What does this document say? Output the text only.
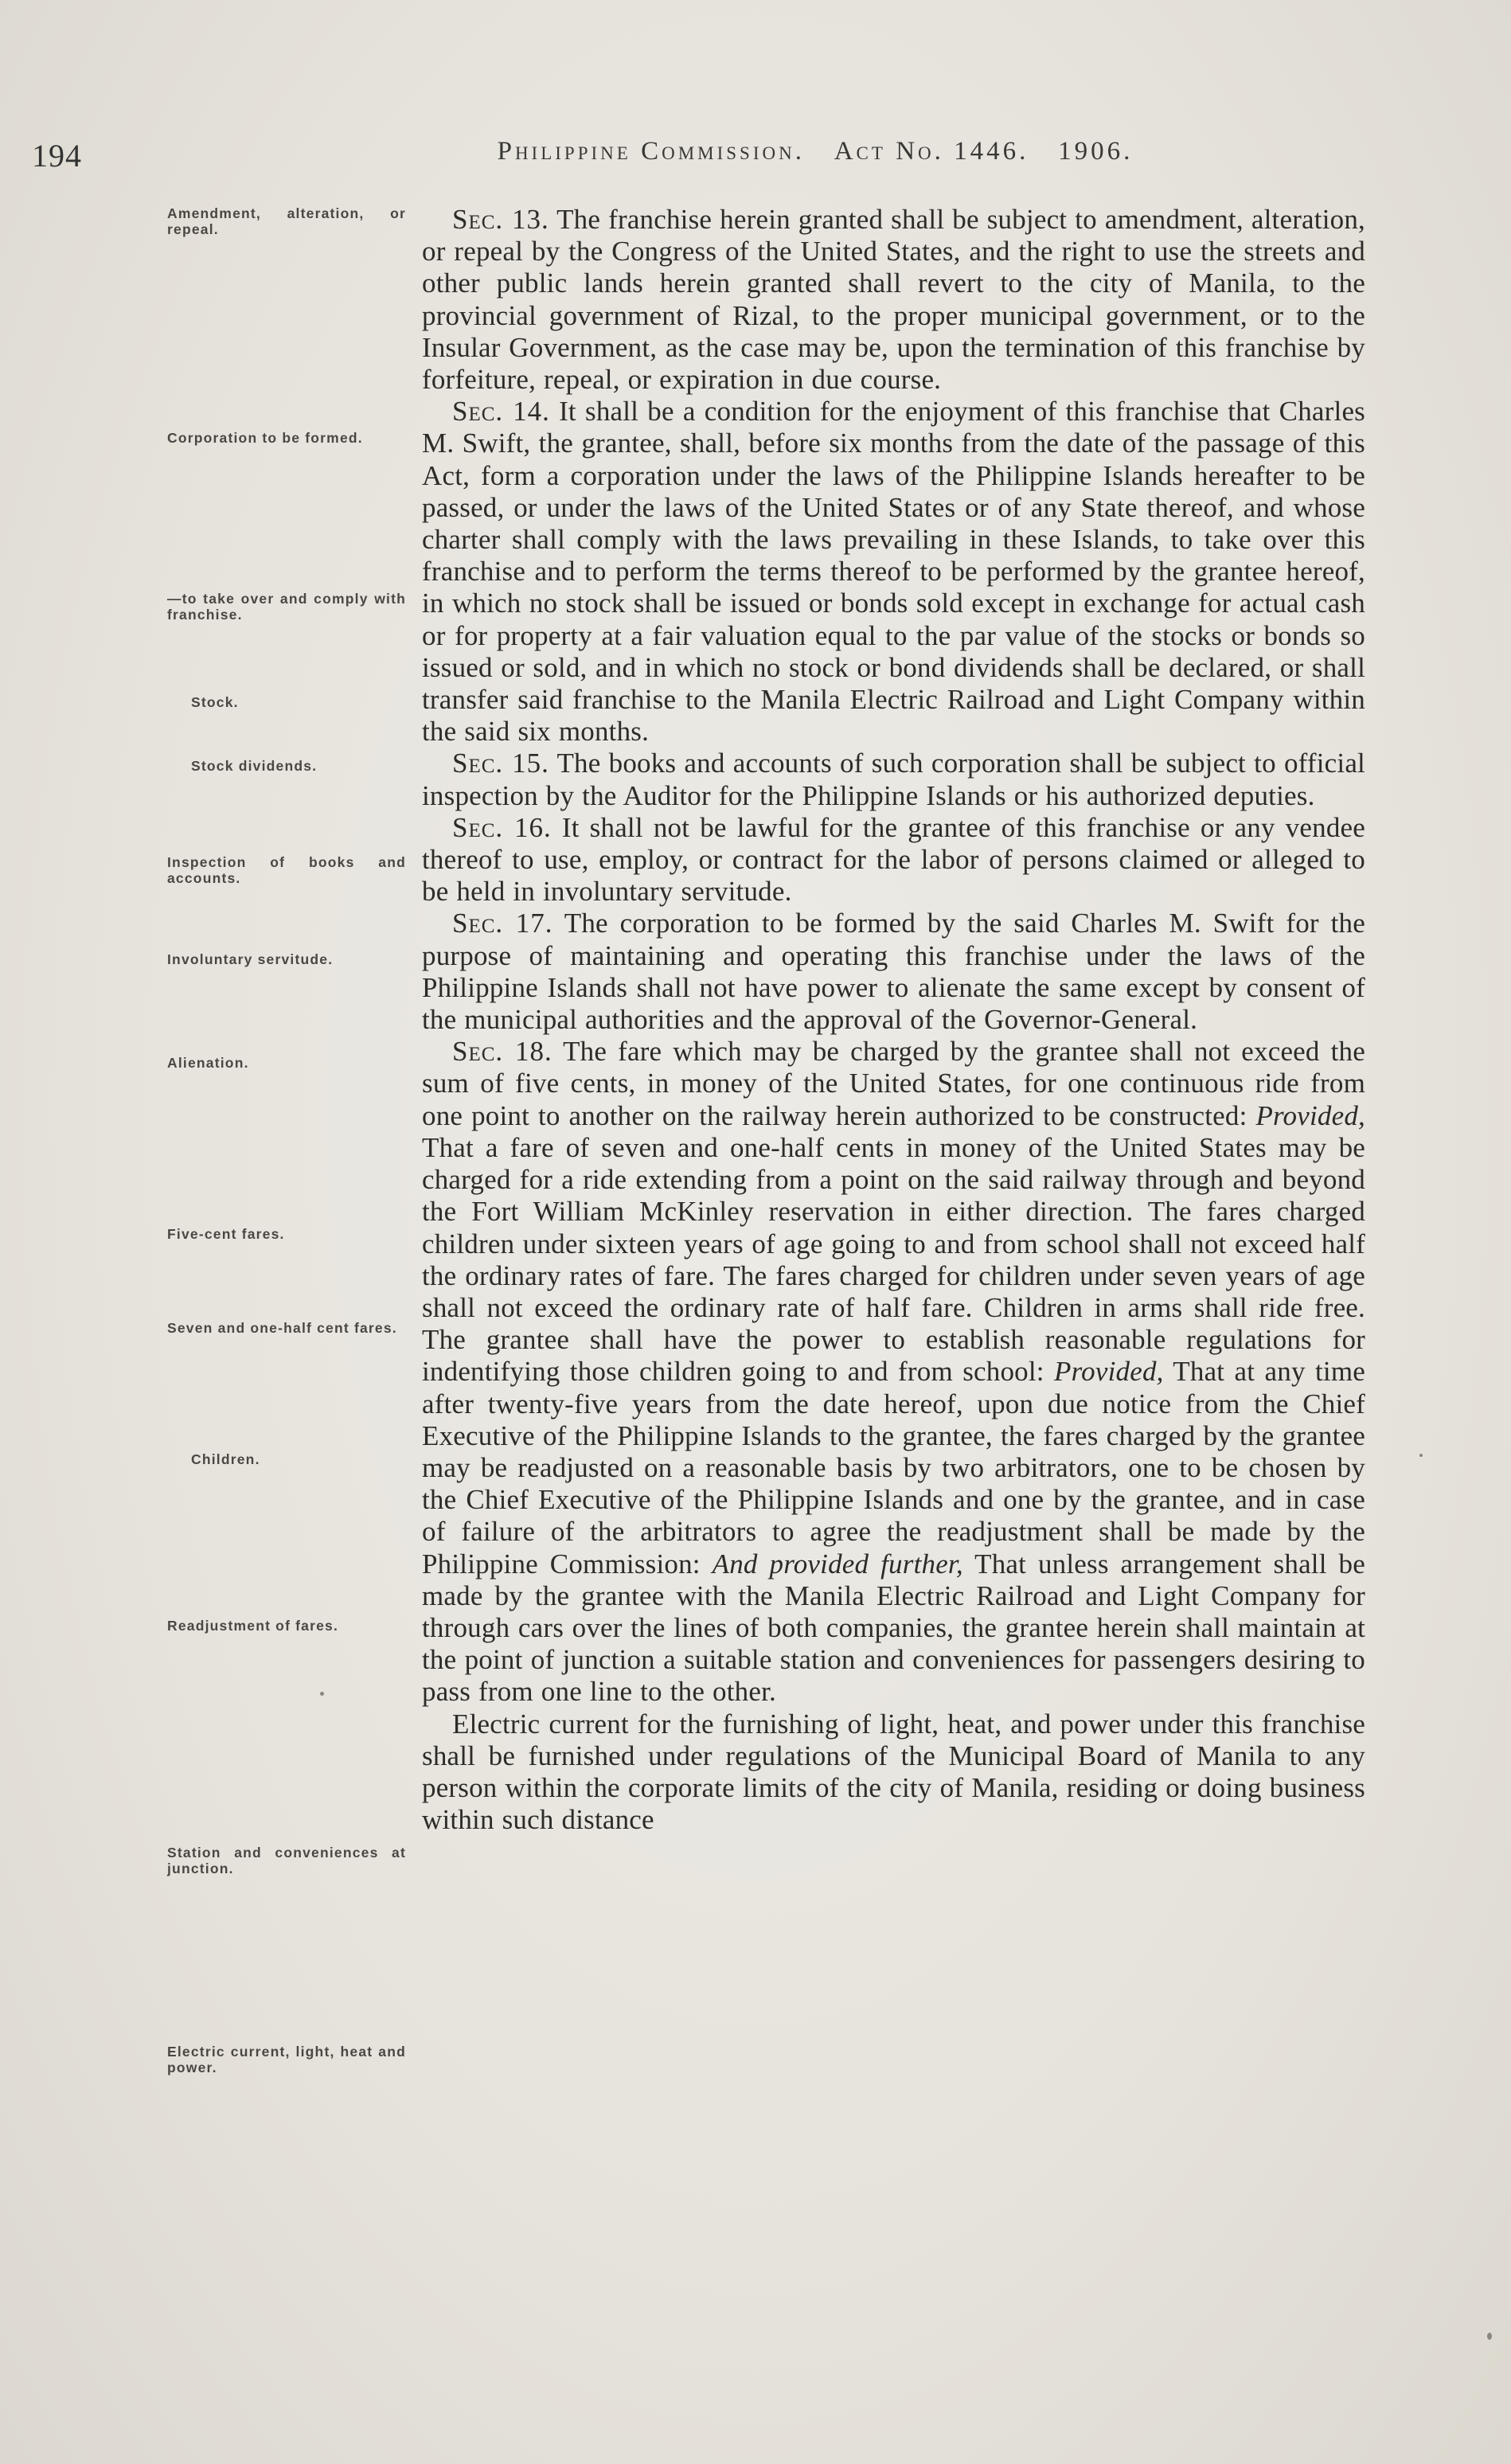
194	Philippine Commission. Act No. 1446. 1906.
Amendment, alteration, or repeal.
Corporation to be formed.
—to take over and comply with franchise.
Stock.
Stock dividends.
Inspection of books and accounts.
Involuntary servitude.
Alienation.
Five-cent fares.
Seven and one-half cent fares.
Children.
Readjustment of fares.
Station and conveniences at junction.
Electric current, light, heat and power.

Sec. 13. The franchise herein granted shall be subject to amendment, alteration, or repeal by the Congress of the United States, and the right to use the streets and other public lands herein granted shall revert to the city of Manila, to the provincial government of Rizal, to the proper municipal government, or to the Insular Government, as the case may be, upon the termination of this franchise by forfeiture, repeal, or expiration in due course.

Sec. 14. It shall be a condition for the enjoyment of this franchise that Charles M. Swift, the grantee, shall, before six months from the date of the passage of this Act, form a corporation under the laws of the Philippine Islands hereafter to be passed, or under the laws of the United States or of any State thereof, and whose charter shall comply with the laws prevailing in these Islands, to take over this franchise and to perform the terms thereof to be performed by the grantee hereof, in which no stock shall be issued or bonds sold except in exchange for actual cash or for property at a fair valuation equal to the par value of the stocks or bonds so issued or sold, and in which no stock or bond dividends shall be declared, or shall transfer said franchise to the Manila Electric Railroad and Light Company within the said six months.

Sec. 15. The books and accounts of such corporation shall be subject to official inspection by the Auditor for the Philippine Islands or his authorized deputies.

Sec. 16. It shall not be lawful for the grantee of this franchise or any vendee thereof to use, employ, or contract for the labor of persons claimed or alleged to be held in involuntary servitude.

Sec. 17. The corporation to be formed by the said Charles M. Swift for the purpose of maintaining and operating this franchise under the laws of the Philippine Islands shall not have power to alienate the same except by consent of the municipal authorities and the approval of the Governor-General.

Sec. 18. The fare which may be charged by the grantee shall not exceed the sum of five cents, in money of the United States, for one continuous ride from one point to another on the railway herein authorized to be constructed: Provided, That a fare of seven and one-half cents in money of the United States may be charged for a ride extending from a point on the said railway through and beyond the Fort William McKinley reservation in either direction. The fares charged children under sixteen years of age going to and from school shall not exceed half the ordinary rates of fare. The fares charged for children under seven years of age shall not exceed the ordinary rate of half fare. Children in arms shall ride free. The grantee shall have the power to establish reasonable regulations for indentifying those children going to and from school: Provided, That at any time after twenty-five years from the date hereof, upon due notice from the Chief Executive of the Philippine Islands to the grantee, the fares charged by the grantee may be readjusted on a reasonable basis by two arbitrators, one to be chosen by the Chief Executive of the Philippine Islands and one by the grantee, and in case of failure of the arbitrators to agree the readjustment shall be made by the Philippine Commission: And provided further, That unless arrangement shall be made by the grantee with the Manila Electric Railroad and Light Company for through cars over the lines of both companies, the grantee herein shall maintain at the point of junction a suitable station and conveniences for passengers desiring to pass from one line to the other.

Electric current for the furnishing of light, heat, and power under this franchise shall be furnished under regulations of the Municipal Board of Manila to any person within the corporate limits of the city of Manila, residing or doing business within such distance
